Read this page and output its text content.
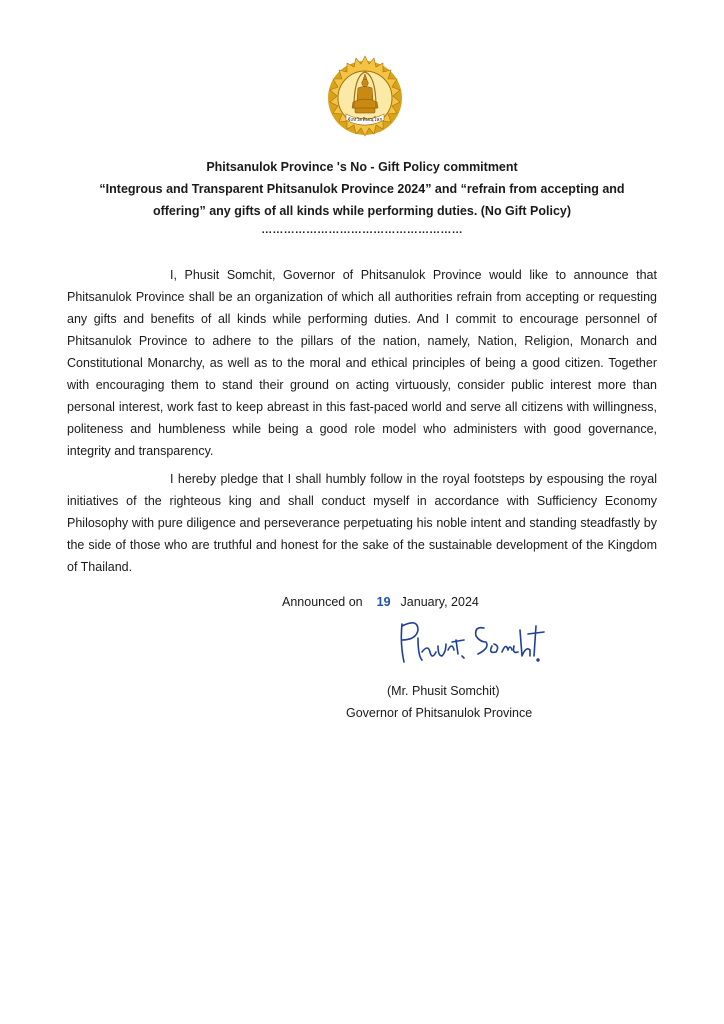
จังหวัดพิษณุโลก
Phitsanulok Province 's No - Gift Policy commitment
“Integrous and Transparent Phitsanulok Province 2024” and “refrain from accepting and
offering” any gifts of all kinds while performing duties. (No Gift Policy)
………………………………………………

I, Phusit Somchit, Governor of Phitsanulok Province would like to announce that Phitsanulok Province shall be an organization of which all authorities refrain from accepting or requesting any gifts and benefits of all kinds while performing duties. And I commit to encourage personnel of Phitsanulok Province to adhere to the pillars of the nation, namely, Nation, Religion, Monarch and Constitutional Monarchy, as well as to the moral and ethical principles of being a good citizen. Together with encouraging them to stand their ground on acting virtuously, consider public interest more than personal interest, work fast to keep abreast in this fast-paced world and serve all citizens with willingness, politeness and humbleness while being a good role model who administers with good governance, integrity and transparency.

I hereby pledge that I shall humbly follow in the royal footsteps by espousing the royal initiatives of the righteous king and shall conduct myself in accordance with Sufficiency Economy Philosophy with pure diligence and perseverance perpetuating his noble intent and standing steadfastly by the side of those who are truthful and honest for the sake of the sustainable development of the Kingdom of Thailand.

Announced on 19 January, 2024
(Mr. Phusit Somchit)
Governor of Phitsanulok Province
